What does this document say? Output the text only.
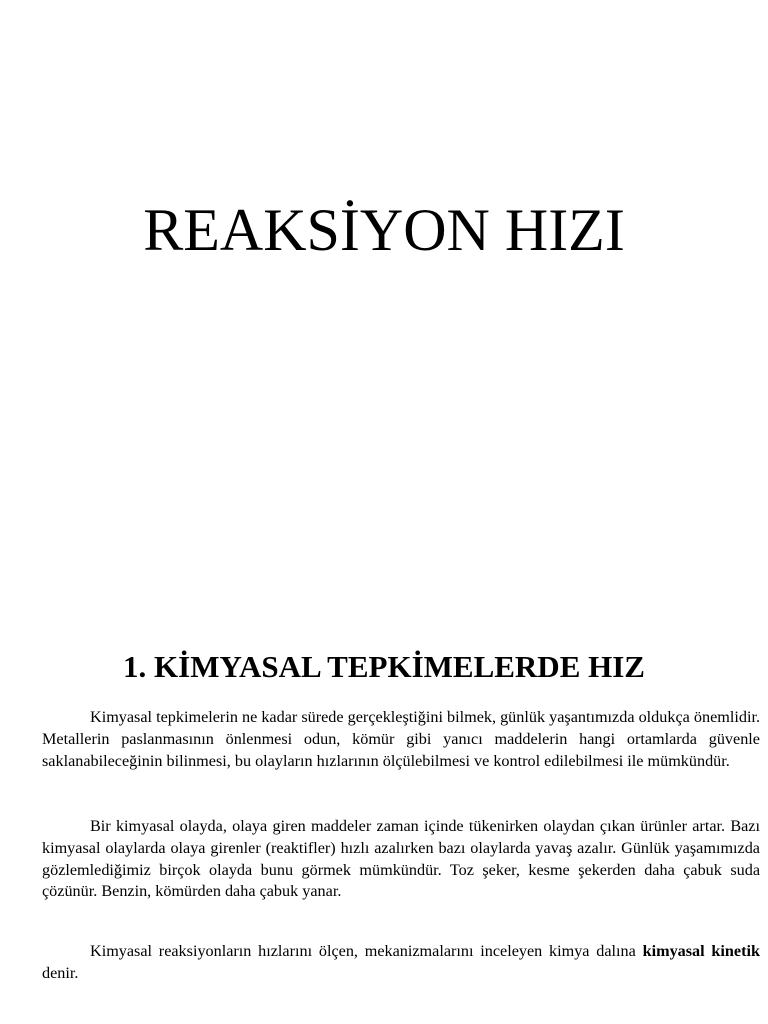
REAKSİYON HIZI
1. KİMYASAL TEPKİMELERDE HIZ

Kimyasal tepkimelerin ne kadar sürede gerçekleştiğini bilmek, günlük yaşantımızda oldukça önemlidir. Metallerin paslanmasının önlenmesi odun, kömür gibi yanıcı maddelerin hangi ortamlarda güvenle saklanabileceğinin bilinmesi, bu olayların hızlarının ölçülebilmesi ve kontrol edilebilmesi ile mümkündür.

Bir kimyasal olayda, olaya giren maddeler zaman içinde tükenirken olaydan çıkan ürünler artar. Bazı kimyasal olaylarda olaya girenler (reaktifler) hızlı azalırken bazı olaylarda yavaş azalır. Günlük yaşamımızda gözlemlediğimiz birçok olayda bunu görmek mümkündür. Toz şeker, kesme şekerden daha çabuk suda çözünür. Benzin, kömürden daha çabuk yanar.

Kimyasal reaksiyonların hızlarını ölçen, mekanizmalarını inceleyen kimya dalına kimyasal kinetik denir.
